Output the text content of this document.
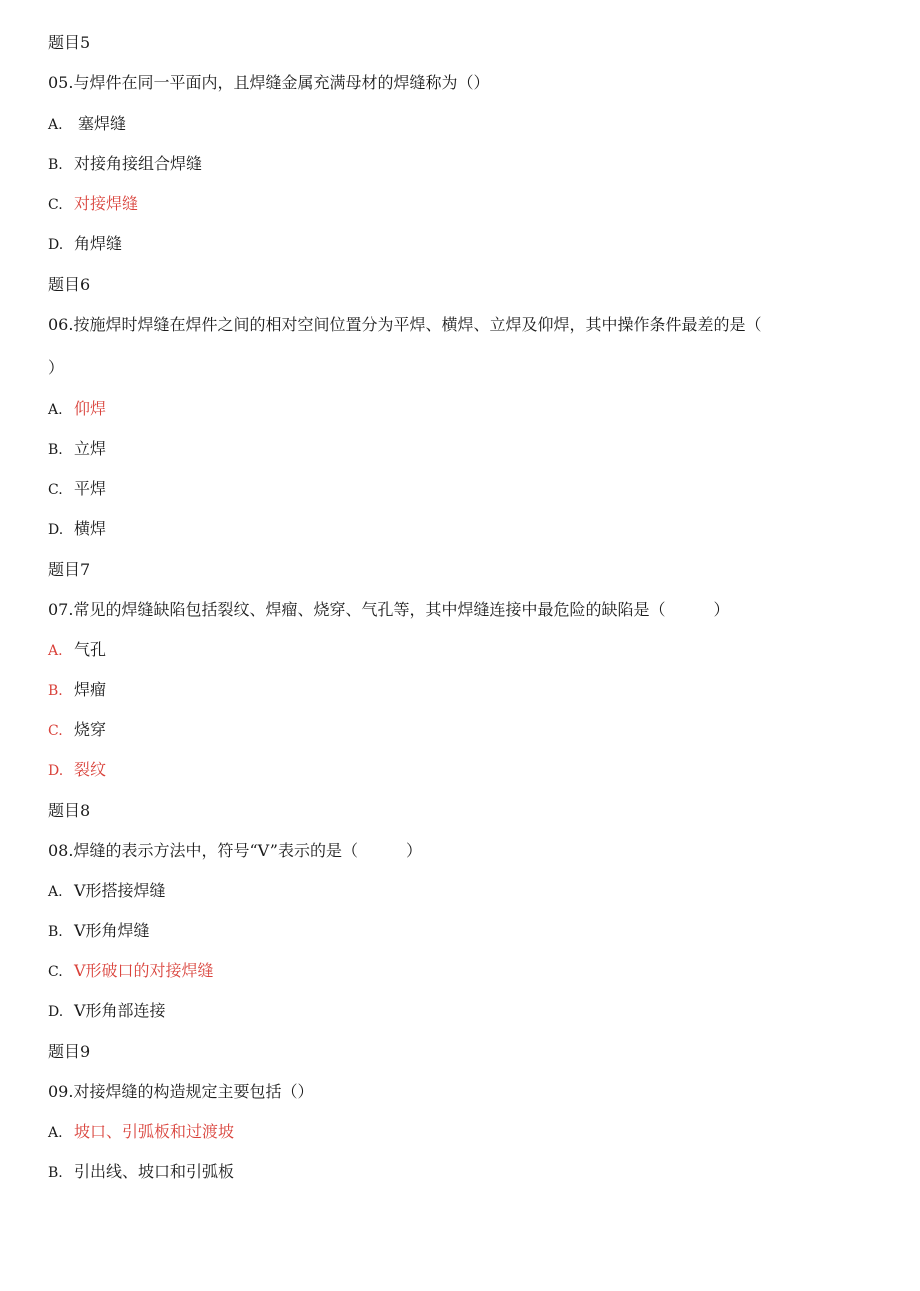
题目5
05.与焊件在同一平面内，且焊缝金属充满母材的焊缝称为（）
A. 塞焊缝
B. 对接角接组合焊缝
C. 对接焊缝
D. 角焊缝
题目6
06.按施焊时焊缝在焊件之间的相对空间位置分为平焊、横焊、立焊及仰焊，其中操作条件最差的是（
）
A. 仰焊
B. 立焊
C. 平焊
D. 横焊
题目7
07.常见的焊缝缺陷包括裂纹、焊瘤、烧穿、气孔等，其中焊缝连接中最危险的缺陷是（　　　）
A. 气孔
B. 焊瘤
C. 烧穿
D. 裂纹
题目8
08.焊缝的表示方法中，符号“V”表示的是（　　　）
A. V形搭接焊缝
B. V形角焊缝
C. V形破口的对接焊缝
D. V形角部连接
题目9
09.对接焊缝的构造规定主要包括（）
A. 坡口、引弧板和过渡坡
B. 引出线、坡口和引弧板
